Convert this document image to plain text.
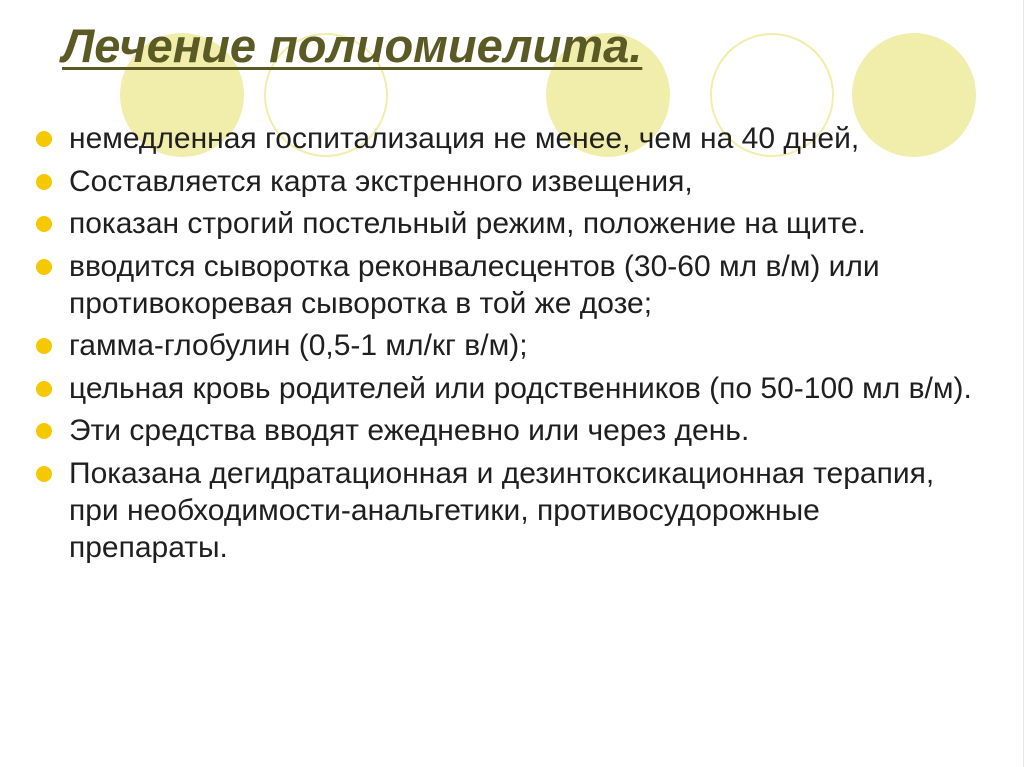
Лечение полиомиелита.
немедленная госпитализация не менее, чем на 40 дней,
Составляется карта экстренного извещения,
показан строгий постельный режим, положение на щите.
вводится сыворотка реконвалесцентов (30-60 мл в/м) или противокоревая сыворотка в той же дозе;
гамма-глобулин (0,5-1 мл/кг в/м);
цельная кровь родителей или родственников (по 50-100 мл в/м).
Эти средства вводят ежедневно или через день.
Показана дегидратационная и дезинтоксикационная терапия, при необходимости-анальгетики, противосудорожные препараты.
